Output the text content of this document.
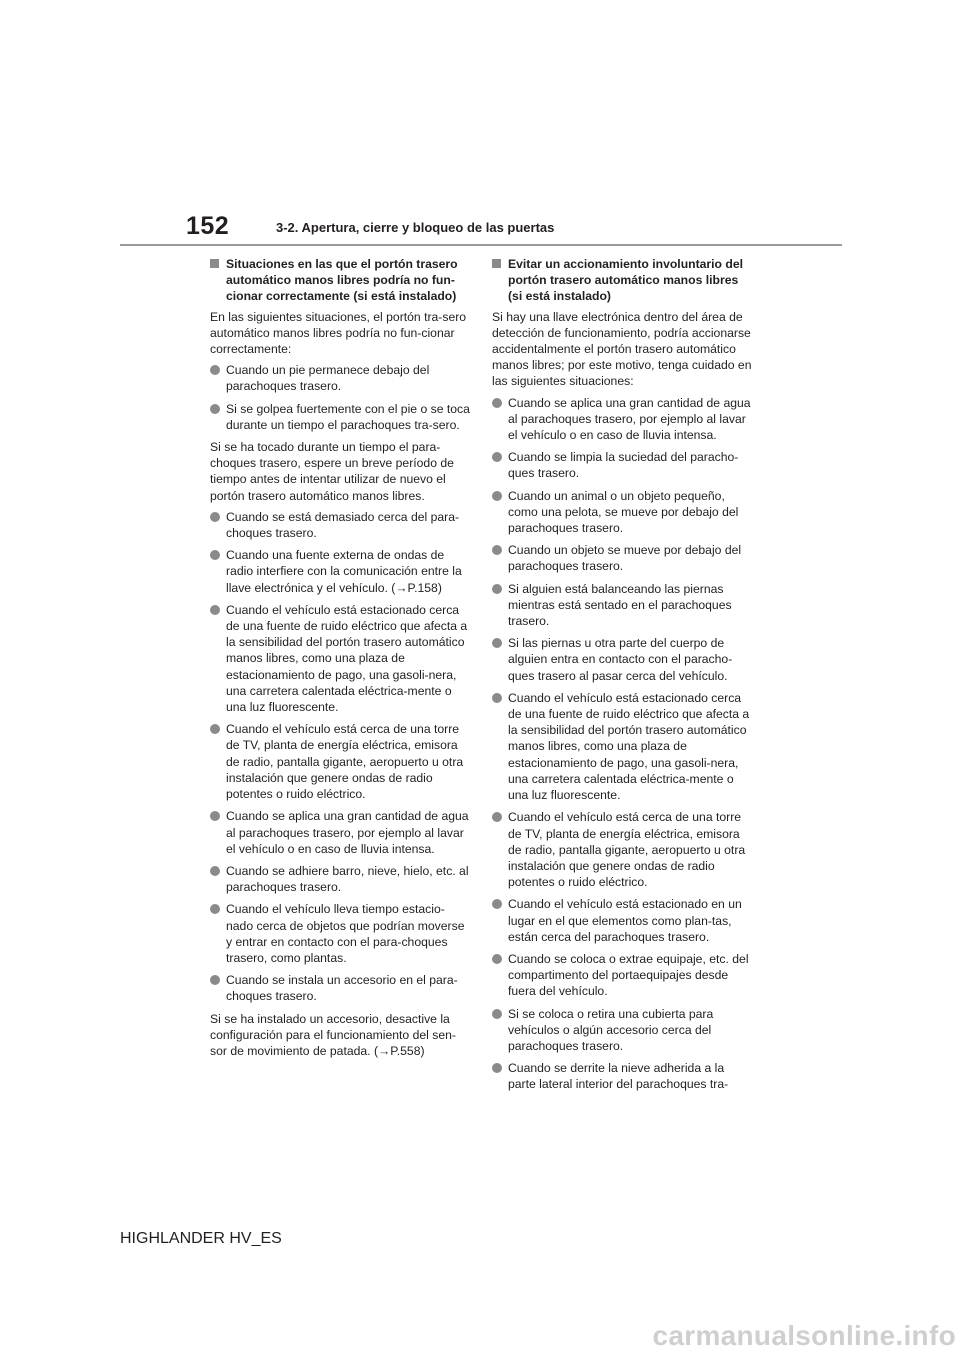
152	3-2. Apertura, cierre y bloqueo de las puertas
Situaciones en las que el portón trasero automático manos libres podría no fun-cionar correctamente (si está instalado)

En las siguientes situaciones, el portón tra-sero automático manos libres podría no fun-cionar correctamente:

Cuando un pie permanece debajo del parachoques trasero.
Si se golpea fuertemente con el pie o se toca durante un tiempo el parachoques tra-sero.

Si se ha tocado durante un tiempo el para-choques trasero, espere un breve período de tiempo antes de intentar utilizar de nuevo el portón trasero automático manos libres.

Cuando se está demasiado cerca del para-choques trasero.
Cuando una fuente externa de ondas de radio interfiere con la comunicación entre la llave electrónica y el vehículo. (→P.158)
Cuando el vehículo está estacionado cerca de una fuente de ruido eléctrico que afecta a la sensibilidad del portón trasero automático manos libres, como una plaza de estacionamiento de pago, una gasoli-nera, una carretera calentada eléctrica-mente o una luz fluorescente.
Cuando el vehículo está cerca de una torre de TV, planta de energía eléctrica, emisora de radio, pantalla gigante, aeropuerto u otra instalación que genere ondas de radio potentes o ruido eléctrico.
Cuando se aplica una gran cantidad de agua al parachoques trasero, por ejemplo al lavar el vehículo o en caso de lluvia intensa.
Cuando se adhiere barro, nieve, hielo, etc. al parachoques trasero.
Cuando el vehículo lleva tiempo estacio-nado cerca de objetos que podrían moverse y entrar en contacto con el para-choques trasero, como plantas.
Cuando se instala un accesorio en el para-choques trasero.

Si se ha instalado un accesorio, desactive la configuración para el funcionamiento del sen-sor de movimiento de patada. (→P.558)

Evitar un accionamiento involuntario del portón trasero automático manos libres (si está instalado)

Si hay una llave electrónica dentro del área de detección de funcionamiento, podría accionarse accidentalmente el portón trasero automático manos libres; por este motivo, tenga cuidado en las siguientes situaciones:

Cuando se aplica una gran cantidad de agua al parachoques trasero, por ejemplo al lavar el vehículo o en caso de lluvia intensa.
Cuando se limpia la suciedad del paracho-ques trasero.
Cuando un animal o un objeto pequeño, como una pelota, se mueve por debajo del parachoques trasero.
Cuando un objeto se mueve por debajo del parachoques trasero.
Si alguien está balanceando las piernas mientras está sentado en el parachoques trasero.
Si las piernas u otra parte del cuerpo de alguien entra en contacto con el paracho-ques trasero al pasar cerca del vehículo.
Cuando el vehículo está estacionado cerca de una fuente de ruido eléctrico que afecta a la sensibilidad del portón trasero automático manos libres, como una plaza de estacionamiento de pago, una gasoli-nera, una carretera calentada eléctrica-mente o una luz fluorescente.
Cuando el vehículo está cerca de una torre de TV, planta de energía eléctrica, emisora de radio, pantalla gigante, aeropuerto u otra instalación que genere ondas de radio potentes o ruido eléctrico.
Cuando el vehículo está estacionado en un lugar en el que elementos como plan-tas, están cerca del parachoques trasero.
Cuando se coloca o extrae equipaje, etc. del compartimento del portaequipajes desde fuera del vehículo.
Si se coloca o retira una cubierta para vehículos o algún accesorio cerca del parachoques trasero.
Cuando se derrite la nieve adherida a la parte lateral interior del parachoques tra-
HIGHLANDER HV_ES
carmanualsonline.info
